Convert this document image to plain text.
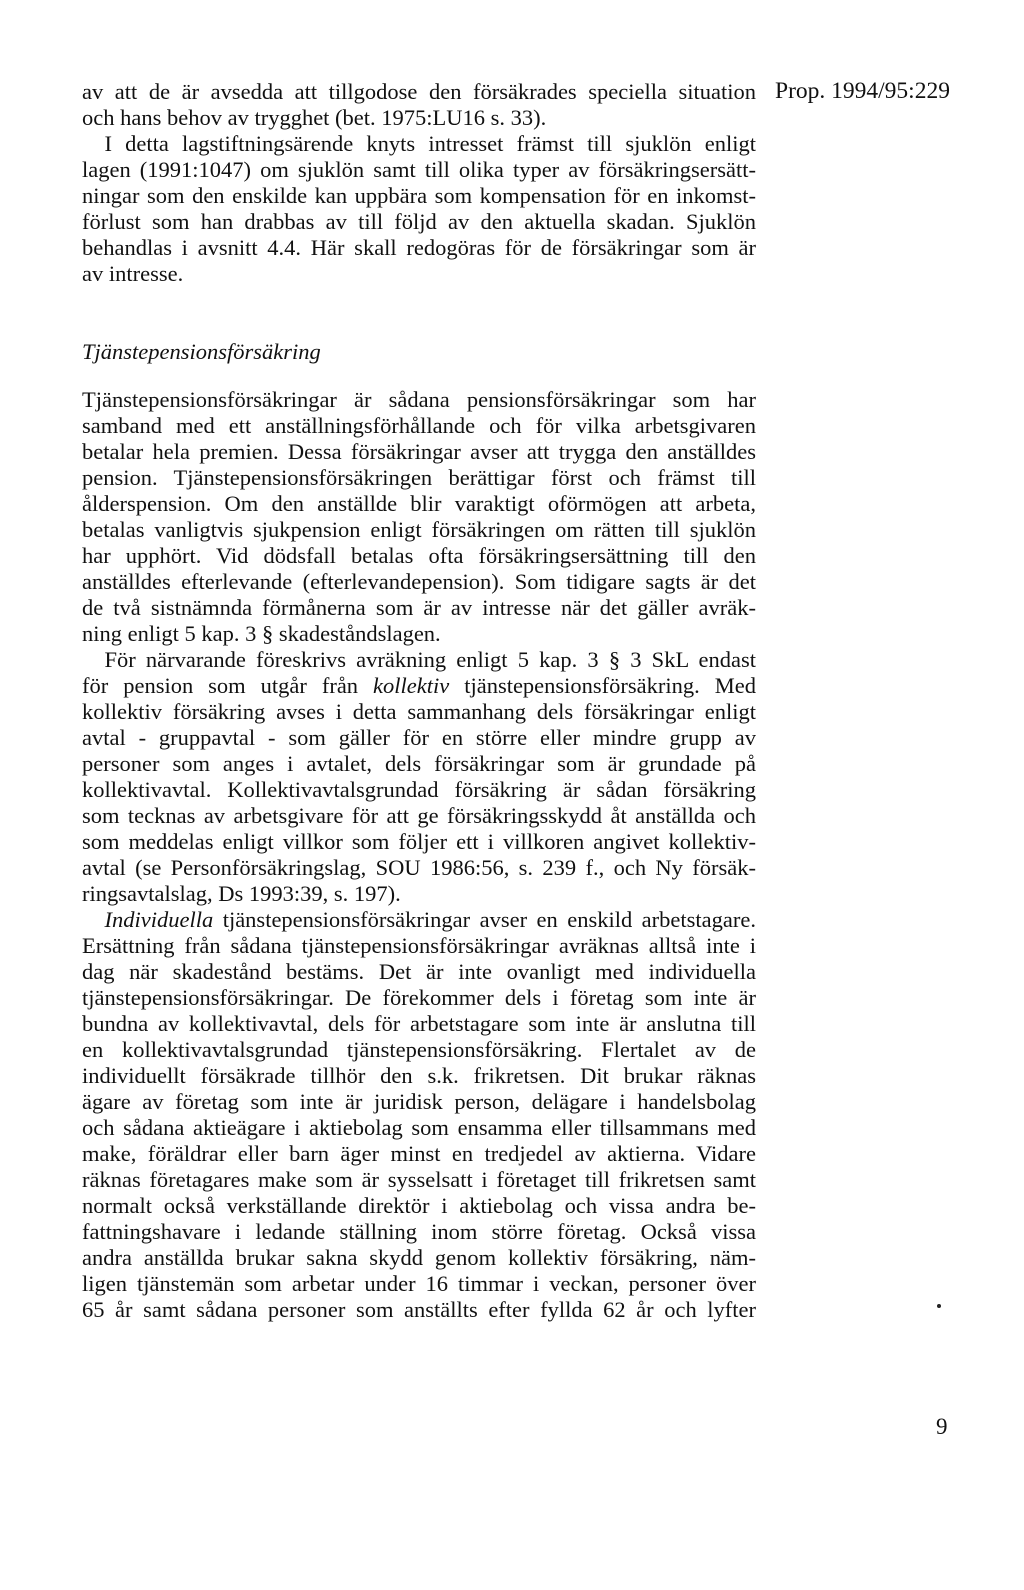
Prop. 1994/95:229
av att de är avsedda att tillgodose den försäkrades speciella situation
och hans behov av trygghet (bet. 1975:LU16 s. 33).
 I detta lagstiftningsärende knyts intresset främst till sjuklön enligt
lagen (1991:1047) om sjuklön samt till olika typer av försäkringsersätt-
ningar som den enskilde kan uppbära som kompensation för en inkomst-
förlust som han drabbas av till följd av den aktuella skadan. Sjuklön
behandlas i avsnitt 4.4. Här skall redogöras för de försäkringar som är
av intresse.
Tjänstepensionsförsäkring
Tjänstepensionsförsäkringar är sådana pensionsförsäkringar som har
samband med ett anställningsförhållande och för vilka arbetsgivaren
betalar hela premien. Dessa försäkringar avser att trygga den anställdes
pension. Tjänstepensionsförsäkringen berättigar först och främst till
ålderspension. Om den anställde blir varaktigt oförmögen att arbeta,
betalas vanligtvis sjukpension enligt försäkringen om rätten till sjuklön
har upphört. Vid dödsfall betalas ofta försäkringsersättning till den
anställdes efterlevande (efterlevandepension). Som tidigare sagts är det
de två sistnämnda förmånerna som är av intresse när det gäller avräk-
ning enligt 5 kap. 3 § skadeståndslagen.
 För närvarande föreskrivs avräkning enligt 5 kap. 3 § 3 SkL endast
för pension som utgår från kollektiv tjänstepensionsförsäkring. Med
kollektiv försäkring avses i detta sammanhang dels försäkringar enligt
avtal - gruppavtal - som gäller för en större eller mindre grupp av
personer som anges i avtalet, dels försäkringar som är grundade på
kollektivavtal. Kollektivavtalsgrundad försäkring är sådan försäkring
som tecknas av arbetsgivare för att ge försäkringsskydd åt anställda och
som meddelas enligt villkor som följer ett i villkoren angivet kollektiv-
avtal (se Personförsäkringslag, SOU 1986:56, s. 239 f., och Ny försäk-
ringsavtalslag, Ds 1993:39, s. 197).
 Individuella tjänstepensionsförsäkringar avser en enskild arbetstagare.
Ersättning från sådana tjänstepensionsförsäkringar avräknas alltså inte i
dag när skadestånd bestäms. Det är inte ovanligt med individuella
tjänstepensionsförsäkringar. De förekommer dels i företag som inte är
bundna av kollektivavtal, dels för arbetstagare som inte är anslutna till
en kollektivavtalsgrundad tjänstepensionsförsäkring. Flertalet av de
individuellt försäkrade tillhör den s.k. frikretsen. Dit brukar räknas
ägare av företag som inte är juridisk person, delägare i handelsbolag
och sådana aktieägare i aktiebolag som ensamma eller tillsammans med
make, föräldrar eller barn äger minst en tredjedel av aktierna. Vidare
räknas företagares make som är sysselsatt i företaget till frikretsen samt
normalt också verkställande direktör i aktiebolag och vissa andra be-
fattningshavare i ledande ställning inom större företag. Också vissa
andra anställda brukar sakna skydd genom kollektiv försäkring, näm-
ligen tjänstemän som arbetar under 16 timmar i veckan, personer över
65 år samt sådana personer som anställts efter fyllda 62 år och lyfter
9
